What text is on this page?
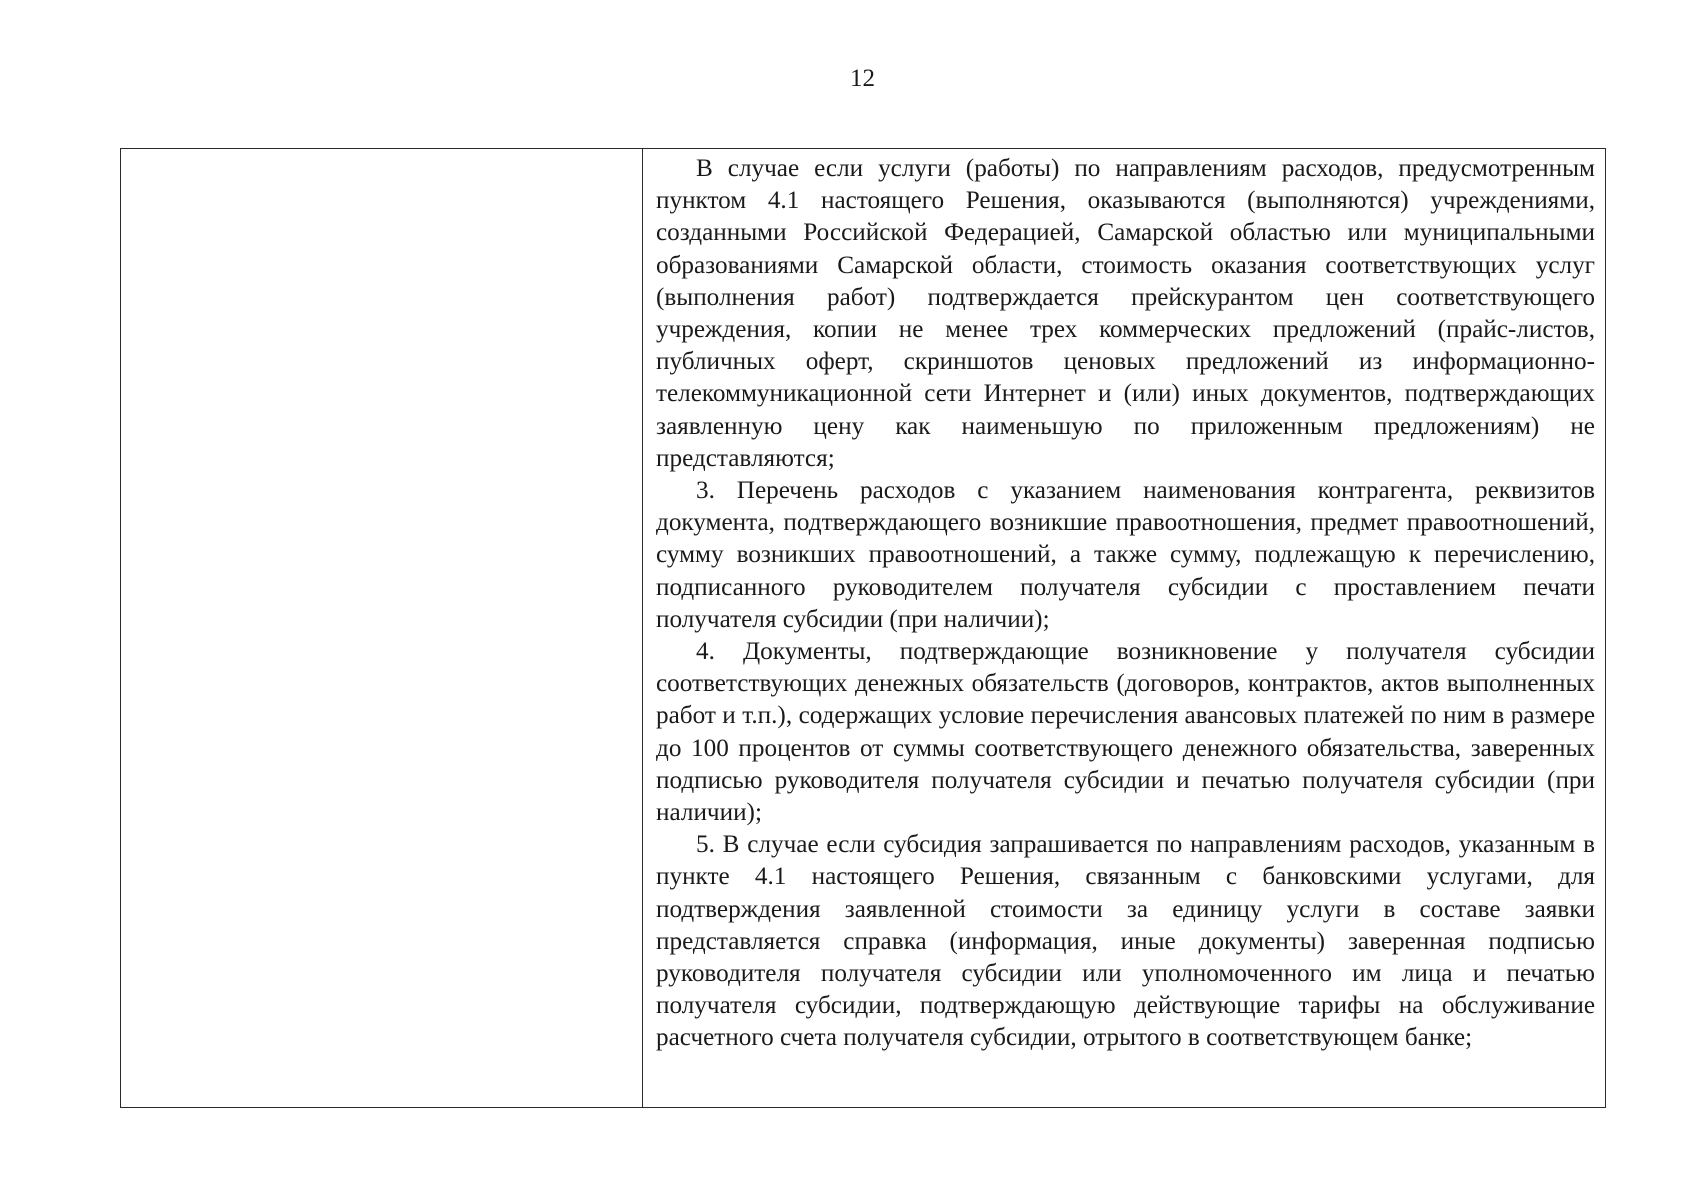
12

В случае если услуги (работы) по направлениям расходов, предусмотренным пунктом 4.1 настоящего Решения, оказываются (выполняются) учреждениями, созданными Российской Федерацией, Самарской областью или муниципальными образованиями Самарской области, стоимость оказания соответствующих услуг (выполнения работ) подтверждается прейскурантом цен соответствующего учреждения, копии не менее трех коммерческих предложений (прайс-листов, публичных оферт, скриншотов ценовых предложений из информационно-телекоммуникационной сети Интернет и (или) иных документов, подтверждающих заявленную цену как наименьшую по приложенным предложениям) не представляются;

3. Перечень расходов с указанием наименования контрагента, реквизитов документа, подтверждающего возникшие правоотношения, предмет правоотношений, сумму возникших правоотношений, а также сумму, подлежащую к перечислению, подписанного руководителем получателя субсидии с проставлением печати получателя субсидии (при наличии);

4. Документы, подтверждающие возникновение у получателя субсидии соответствующих денежных обязательств (договоров, контрактов, актов выполненных работ и т.п.), содержащих условие перечисления авансовых платежей по ним в размере до 100 процентов от суммы соответствующего денежного обязательства, заверенных подписью руководителя получателя субсидии и печатью получателя субсидии (при наличии);

5. В случае если субсидия запрашивается по направлениям расходов, указанным в пункте 4.1 настоящего Решения, связанным с банковскими услугами, для подтверждения заявленной стоимости за единицу услуги в составе заявки представляется справка (информация, иные документы) заверенная подписью руководителя получателя субсидии или уполномоченного им лица и печатью получателя субсидии, подтверждающую действующие тарифы на обслуживание расчетного счета получателя субсидии, отрытого в соответствующем банке;
